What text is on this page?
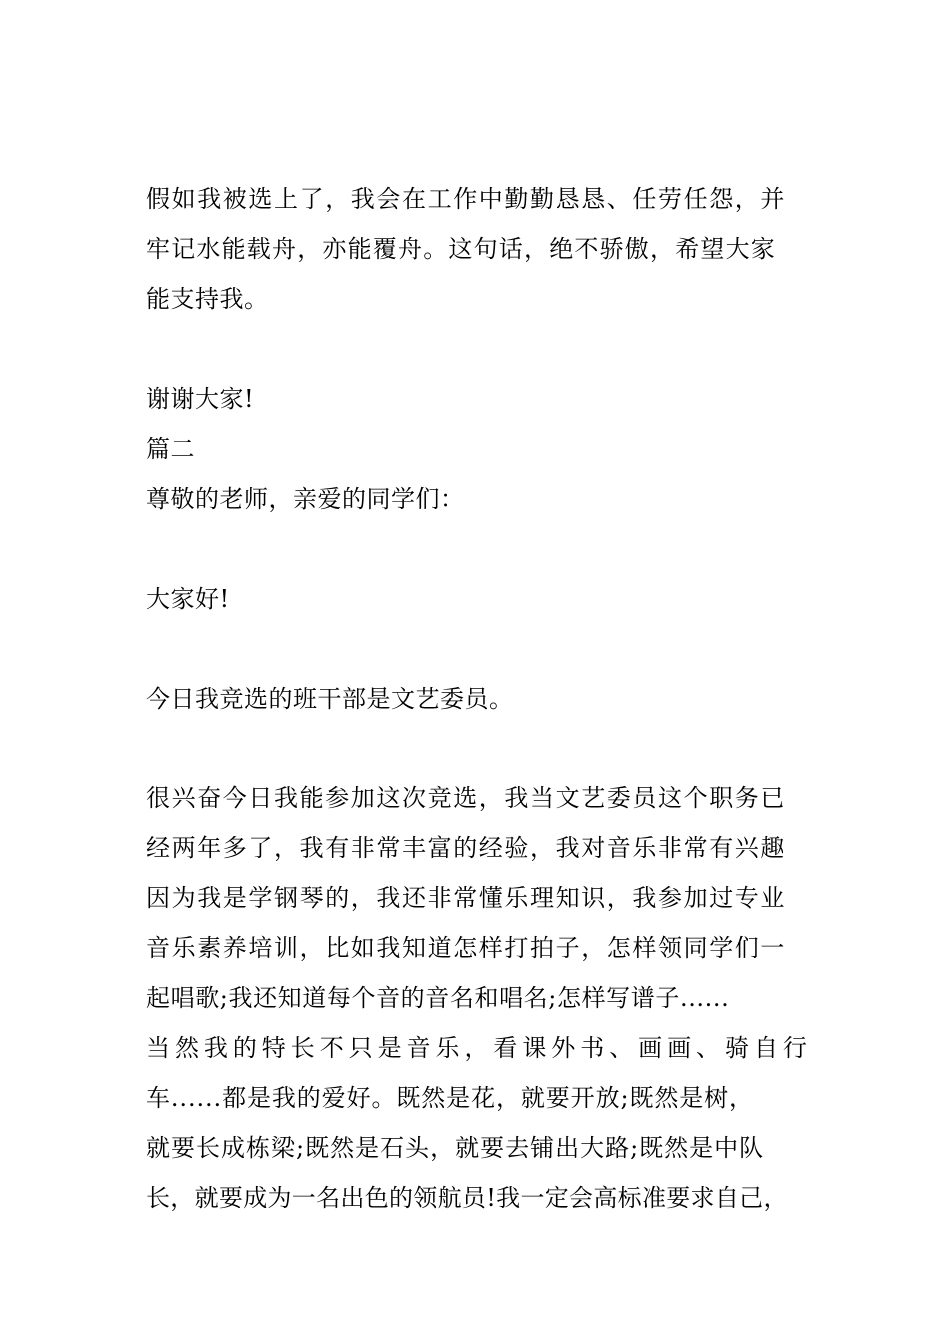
假如我被选上了，我会在工作中勤勤恳恳、任劳任怨，并
牢记水能载舟，亦能覆舟。这句话，绝不骄傲，希望大家
能支持我。
谢谢大家!
篇二
尊敬的老师，亲爱的同学们：
大家好!
今日我竞选的班干部是文艺委员。
很兴奋今日我能参加这次竞选，我当文艺委员这个职务已
经两年多了，我有非常丰富的经验，我对音乐非常有兴趣
因为我是学钢琴的，我还非常懂乐理知识，我参加过专业
音乐素养培训，比如我知道怎样打拍子，怎样领同学们一
起唱歌;我还知道每个音的音名和唱名;怎样写谱子......
当然我的特长不只是音乐，看课外书、画画、骑自行
车......都是我的爱好。既然是花，就要开放;既然是树，
就要长成栋梁;既然是石头，就要去铺出大路;既然是中队
长，就要成为一名出色的领航员!我一定会高标准要求自己，
